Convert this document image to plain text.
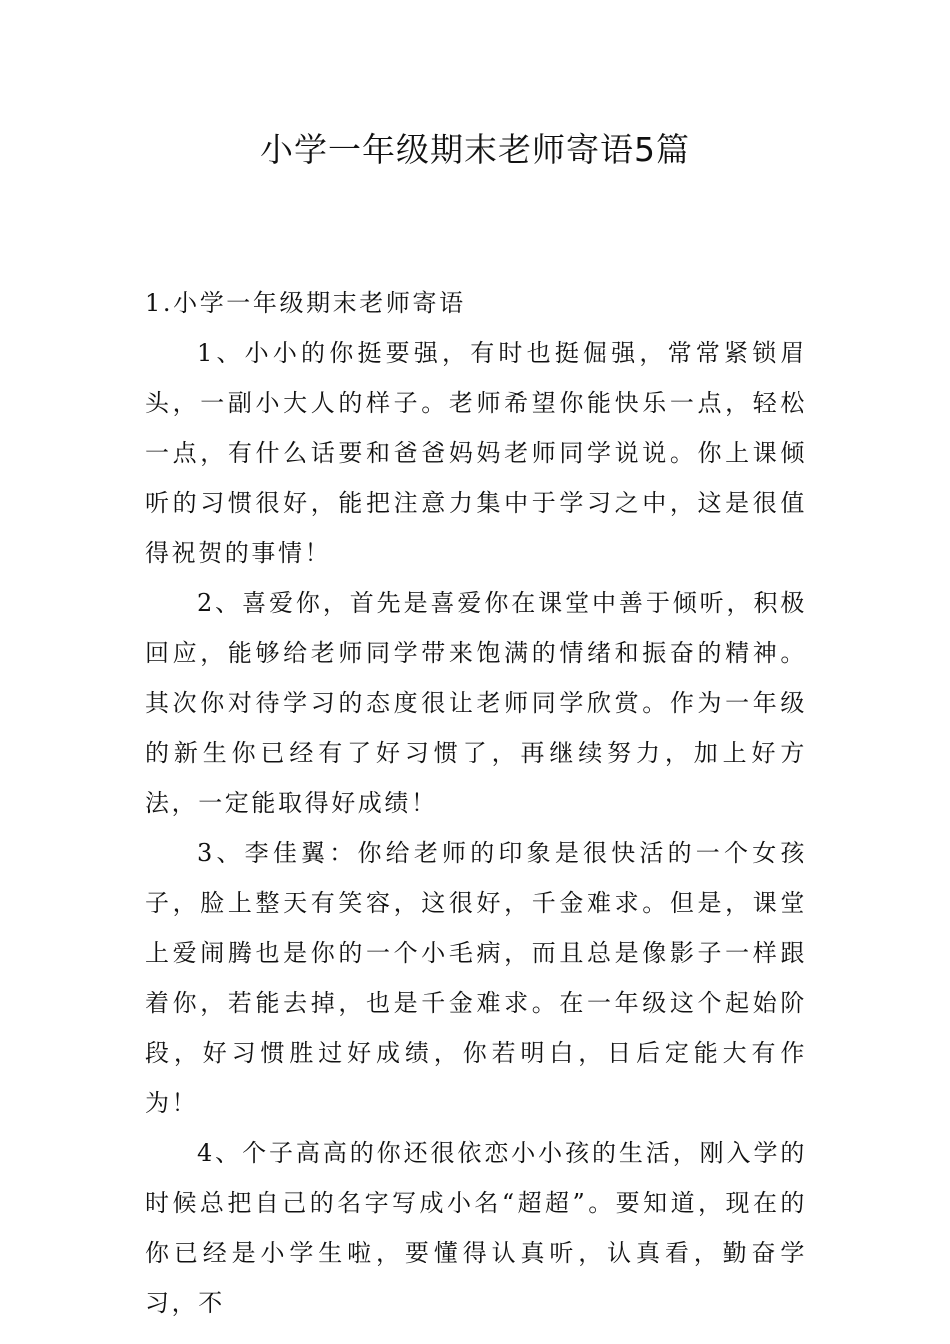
小学一年级期末老师寄语5篇
1.小学一年级期末老师寄语

1、小小的你挺要强，有时也挺倔强，常常紧锁眉头，一副小大人的样子。老师希望你能快乐一点，轻松一点，有什么话要和爸爸妈妈老师同学说说。你上课倾听的习惯很好，能把注意力集中于学习之中，这是很值得祝贺的事情！

2、喜爱你，首先是喜爱你在课堂中善于倾听，积极回应，能够给老师同学带来饱满的情绪和振奋的精神。其次你对待学习的态度很让老师同学欣赏。作为一年级的新生你已经有了好习惯了，再继续努力，加上好方法，一定能取得好成绩！

3、李佳翼：你给老师的印象是很快活的一个女孩子，脸上整天有笑容，这很好，千金难求。但是，课堂上爱闹腾也是你的一个小毛病，而且总是像影子一样跟着你，若能去掉，也是千金难求。在一年级这个起始阶段，好习惯胜过好成绩，你若明白，日后定能大有作为！

4、个子高高的你还很依恋小小孩的生活，刚入学的时候总把自己的名字写成小名“超超”。要知道，现在的你已经是小学生啦，要懂得认真听，认真看，勤奋学习，不
